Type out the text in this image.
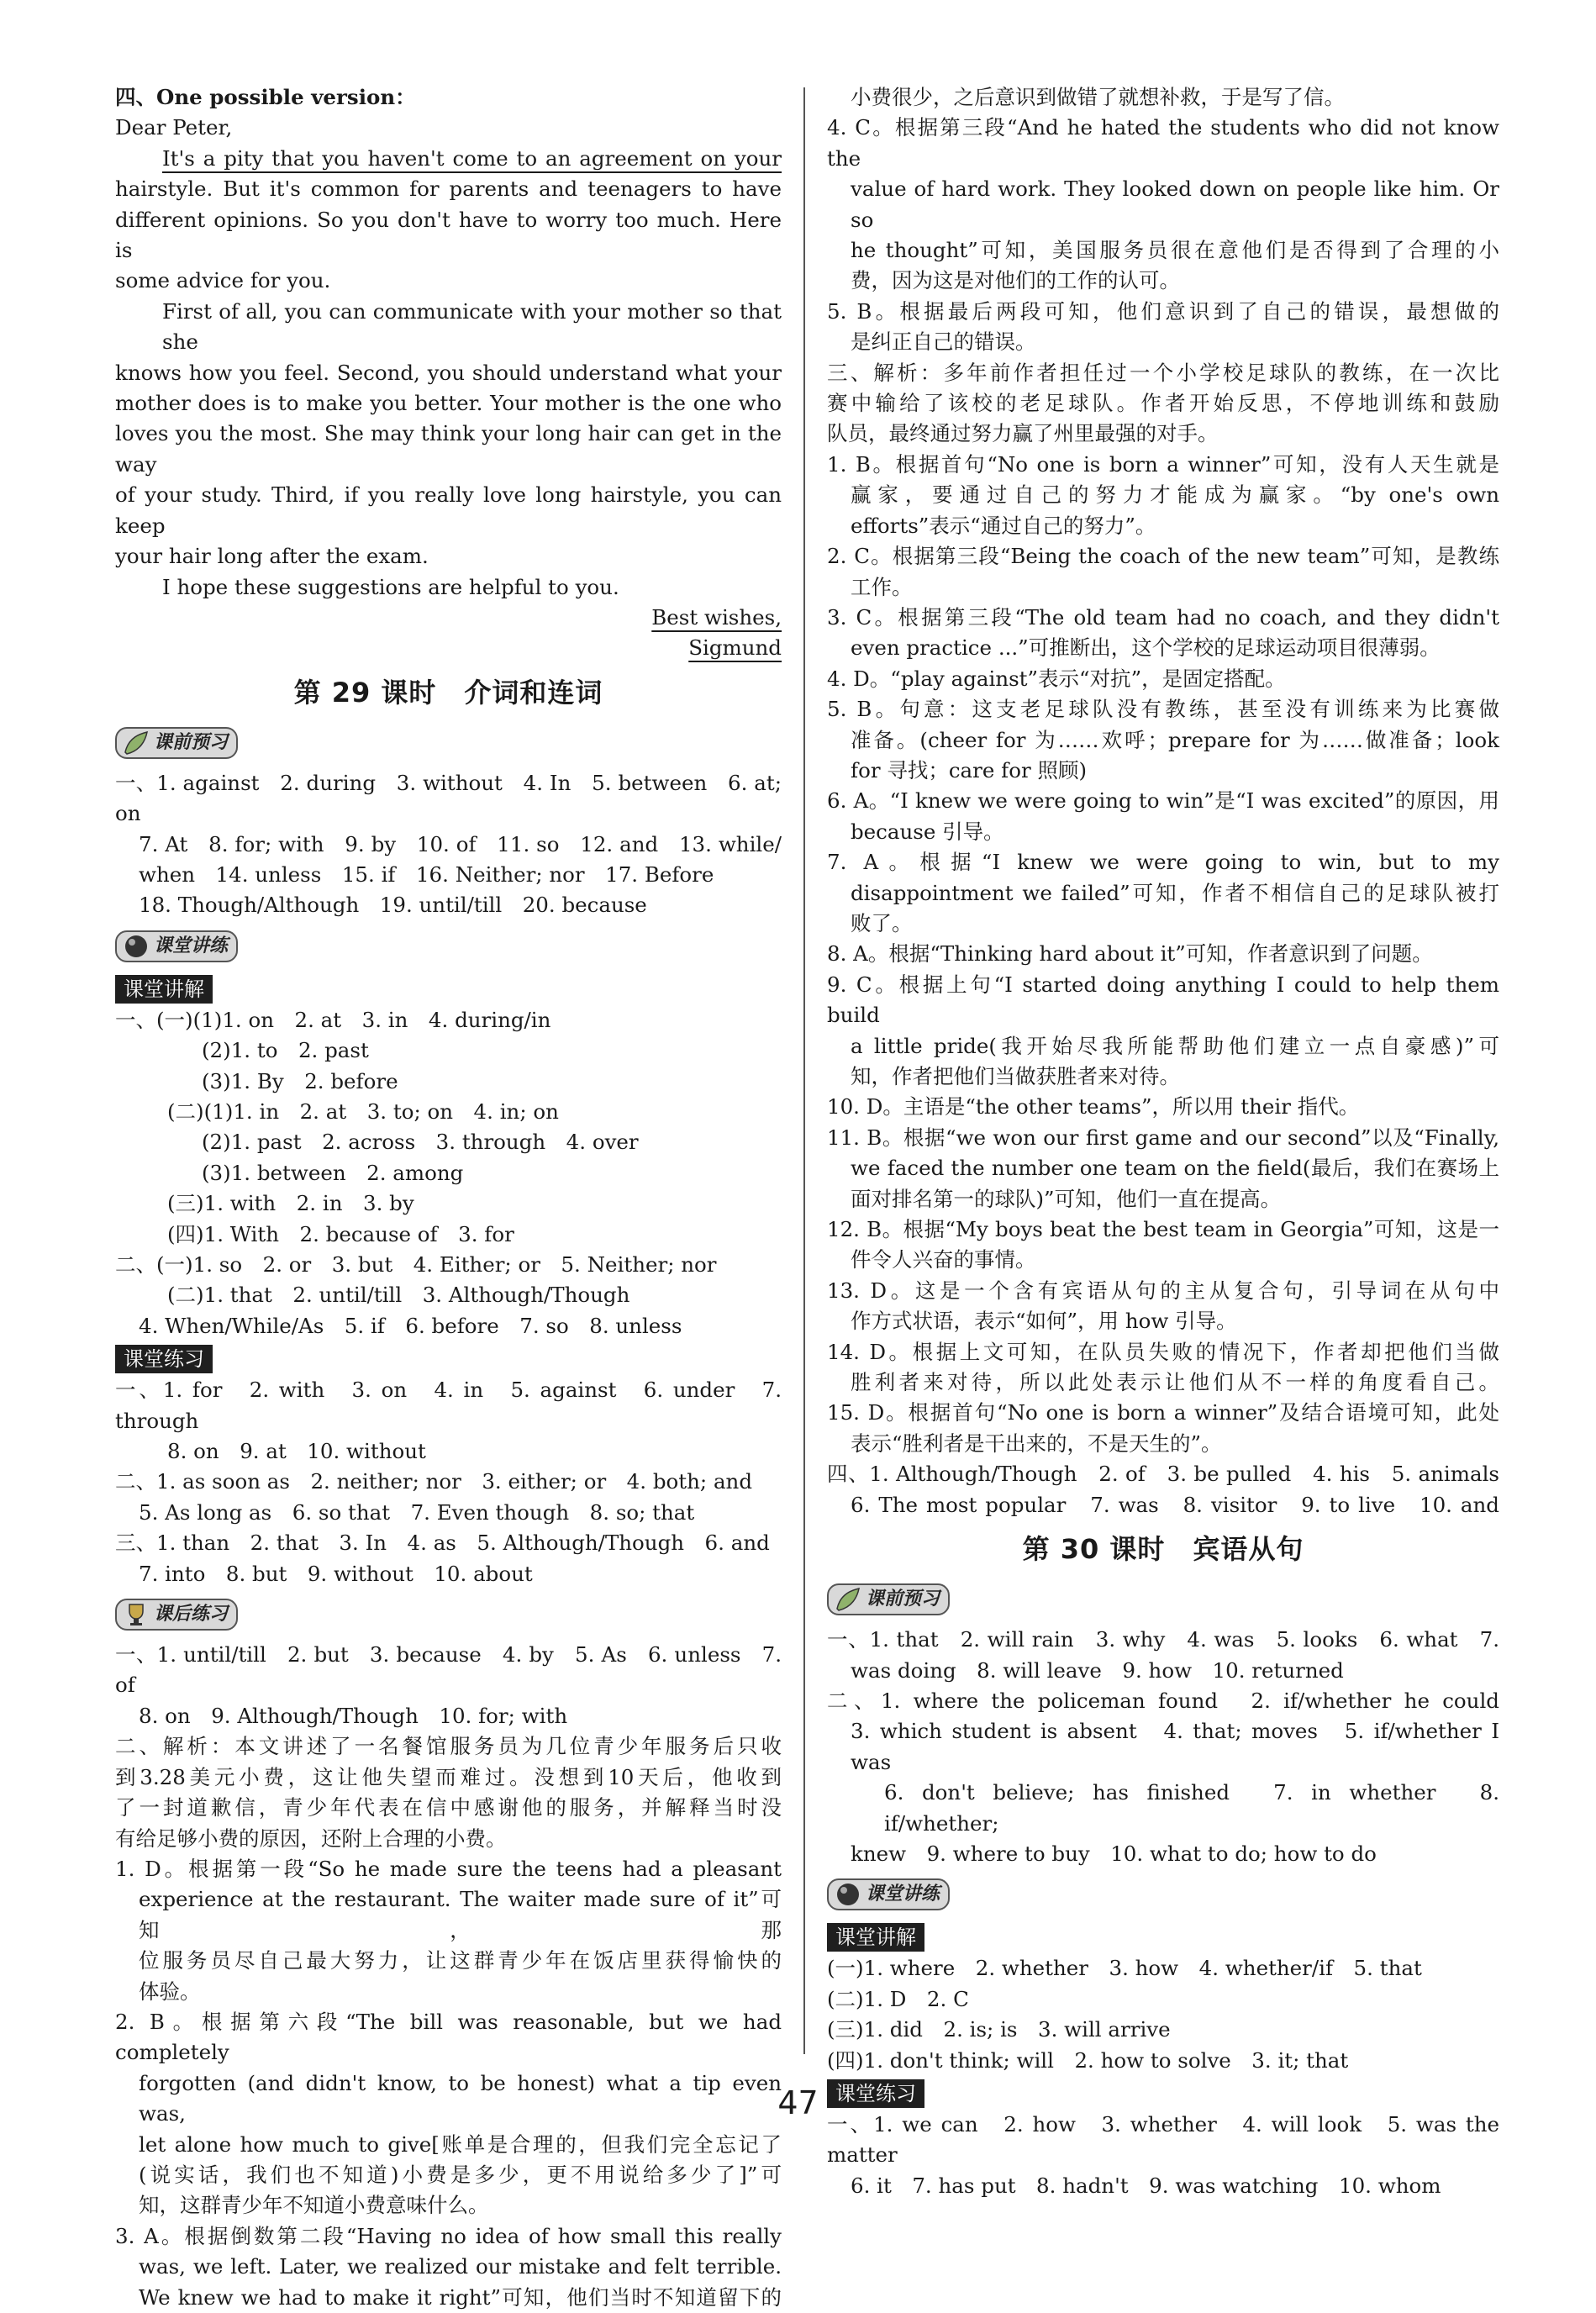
四、One possible version：
Dear Peter,
It's a pity that you haven't come to an agreement on your
hairstyle. But it's common for parents and teenagers to have
different opinions. So you don't have to worry too much. Here is
some advice for you.
First of all, you can communicate with your mother so that she
knows how you feel. Second, you should understand what your
mother does is to make you better. Your mother is the one who
loves you the most. She may think your long hair can get in the way
of your study. Third, if you really love long hairstyle, you can keep
your hair long after the exam.
I hope these suggestions are helpful to you.
Best wishes,
Sigmund
第 29 课时　介词和连词
课前预习
一、1. against　2. during　3. without　4. In　5. between　6. at; on
7. At　8. for; with　9. by　10. of　11. so　12. and　13. while/
when　14. unless　15. if　16. Neither; nor　17. Before
18. Though/Although　19. until/till　20. because
课堂讲练
课堂讲解
一、(一)(1)1. on　2. at　3. in　4. during/in
(2)1. to　2. past
(3)1. By　2. before
(二)(1)1. in　2. at　3. to; on　4. in; on
(2)1. past　2. across　3. through　4. over
(3)1. between　2. among
(三)1. with　2. in　3. by
(四)1. With　2. because of　3. for
二、(一)1. so　2. or　3. but　4. Either; or　5. Neither; nor
(二)1. that　2. until/till　3. Although/Though
4. When/While/As　5. if　6. before　7. so　8. unless
课堂练习
一、1. for　2. with　3. on　4. in　5. against　6. under　7. through
8. on　9. at　10. without
二、1. as soon as　2. neither; nor　3. either; or　4. both; and
5. As long as　6. so that　7. Even though　8. so; that
三、1. than　2. that　3. In　4. as　5. Although/Though　6. and
7. into　8. but　9. without　10. about
课后练习
一、1. until/till　2. but　3. because　4. by　5. As　6. unless　7. of
8. on　9. Although/Though　10. for; with
二、解析：本文讲述了一名餐馆服务员为几位青少年服务后只收
到3.28美元小费，这让他失望而难过。没想到10天后，他收到
了一封道歉信，青少年代表在信中感谢他的服务，并解释当时没
有给足够小费的原因，还附上合理的小费。
1. D。根据第一段“So he made sure the teens had a pleasant
experience at the restaurant. The waiter made sure of it”可知，那
位服务员尽自己最大努力，让这群青少年在饭店里获得愉快的
体验。
2. B。根据第六段“The bill was reasonable, but we had completely
forgotten (and didn't know, to be honest) what a tip even was,
let alone how much to give[账单是合理的，但我们完全忘记了
(说实话，我们也不知道)小费是多少，更不用说给多少了]”可
知，这群青少年不知道小费意味什么。
3. A。根据倒数第二段“Having no idea of how small this really
was, we left. Later, we realized our mistake and felt terrible.
We knew we had to make it right”可知，他们当时不知道留下的
小费很少，之后意识到做错了就想补救，于是写了信。
4. C。根据第三段“And he hated the students who did not know the
value of hard work. They looked down on people like him. Or so
he thought”可知，美国服务员很在意他们是否得到了合理的小
费，因为这是对他们的工作的认可。
5. B。根据最后两段可知，他们意识到了自己的错误，最想做的
是纠正自己的错误。
三、解析：多年前作者担任过一个小学校足球队的教练，在一次比
赛中输给了该校的老足球队。作者开始反思，不停地训练和鼓励
队员，最终通过努力赢了州里最强的对手。
1. B。根据首句“No one is born a winner”可知，没有人天生就是
赢家，要通过自己的努力才能成为赢家。“by one's own
efforts”表示“通过自己的努力”。
2. C。根据第三段“Being the coach of the new team”可知，是教练
工作。
3. C。根据第三段“The old team had no coach, and they didn't
even practice ...”可推断出，这个学校的足球运动项目很薄弱。
4. D。“play against”表示“对抗”，是固定搭配。
5. B。句意：这支老足球队没有教练，甚至没有训练来为比赛做
准备。(cheer for 为……欢呼；prepare for 为……做准备；look
for 寻找；care for 照顾)
6. A。“I knew we were going to win”是“I was excited”的原因，用
because 引导。
7. A。根据“I knew we were going to win, but to my
disappointment we failed”可知，作者不相信自己的足球队被打
败了。
8. A。根据“Thinking hard about it”可知，作者意识到了问题。
9. C。根据上句“I started doing anything I could to help them build
a little pride(我开始尽我所能帮助他们建立一点自豪感)”可
知，作者把他们当做获胜者来对待。
10. D。主语是“the other teams”，所以用 their 指代。
11. B。根据“we won our first game and our second”以及“Finally,
we faced the number one team on the field(最后，我们在赛场上
面对排名第一的球队)”可知，他们一直在提高。
12. B。根据“My boys beat the best team in Georgia”可知，这是一
件令人兴奋的事情。
13. D。这是一个含有宾语从句的主从复合句，引导词在从句中
作方式状语，表示“如何”，用 how 引导。
14. D。根据上文可知，在队员失败的情况下，作者却把他们当做
胜利者来对待，所以此处表示让他们从不一样的角度看自己。
15. D。根据首句“No one is born a winner”及结合语境可知，此处
表示“胜利者是干出来的，不是天生的”。
四、1. Although/Though　2. of　3. be pulled　4. his　5. animals
6. The most popular　7. was　8. visitor　9. to live　10. and
第 30 课时　宾语从句
课前预习
一、1. that　2. will rain　3. why　4. was　5. looks　6. what　7.
was doing　8. will leave　9. how　10. returned
二、1. where the policeman found　2. if/whether he could
3. which student is absent　4. that; moves　5. if/whether I was
6. don't believe; has finished　7. in whether　8. if/whether;
knew　9. where to buy　10. what to do; how to do
课堂讲练
课堂讲解
(一)1. where　2. whether　3. how　4. whether/if　5. that
(二)1. D　2. C
(三)1. did　2. is; is　3. will arrive
(四)1. don't think; will　2. how to solve　3. it; that
课堂练习
一、1. we can　2. how　3. whether　4. will look　5. was the matter
6. it　7. has put　8. hadn't　9. was watching　10. whom
47
